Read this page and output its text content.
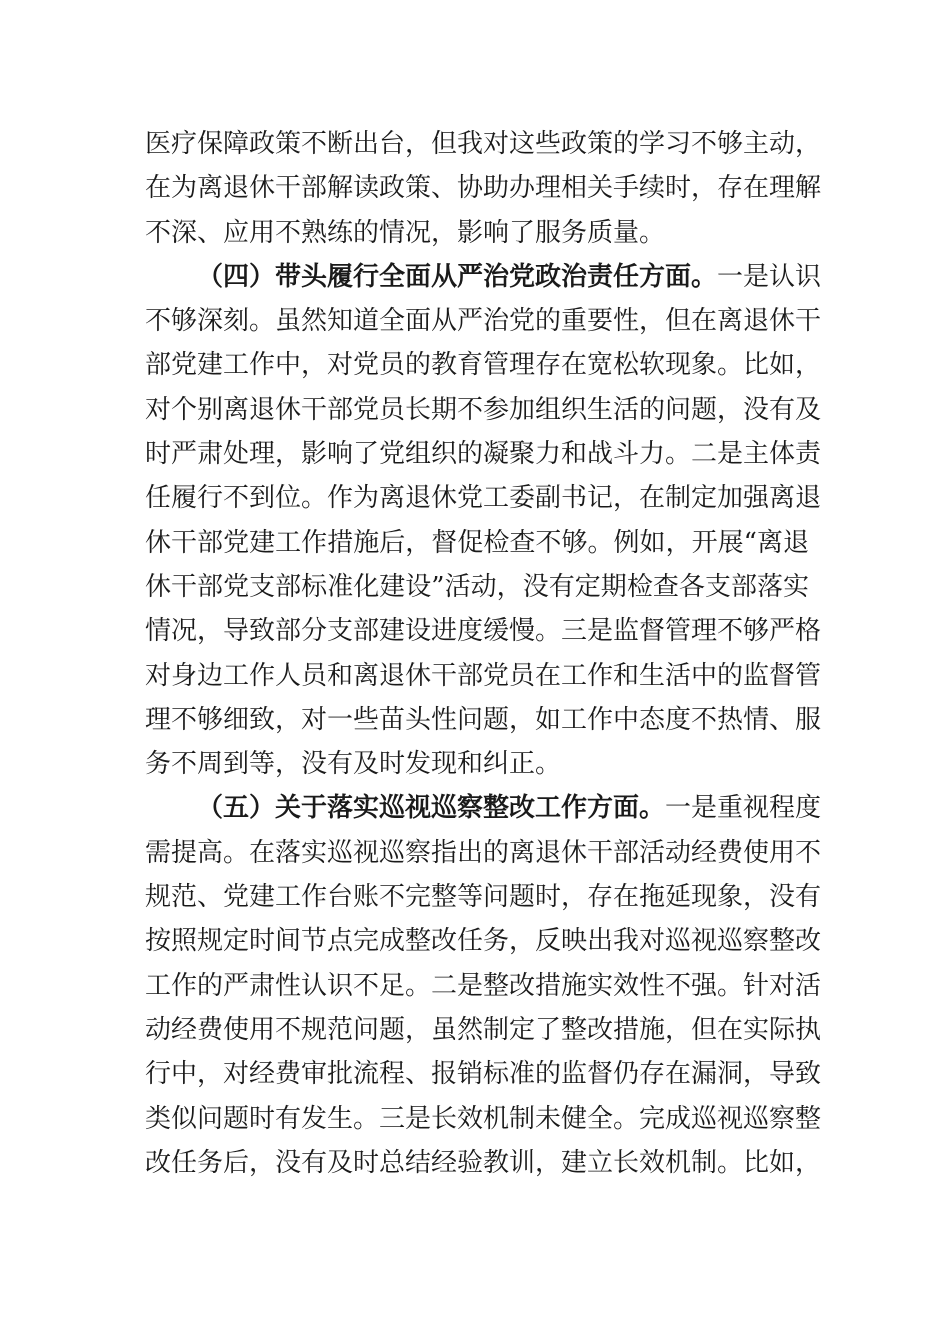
医疗保障政策不断出台，但我对这些政策的学习不够主动，
在为离退休干部解读政策、协助办理相关手续时，存在理解
不深、应用不熟练的情况，影响了服务质量。
（四）带头履行全面从严治党政治责任方面。一是认识
不够深刻。虽然知道全面从严治党的重要性，但在离退休干
部党建工作中，对党员的教育管理存在宽松软现象。比如，
对个别离退休干部党员长期不参加组织生活的问题，没有及
时严肃处理，影响了党组织的凝聚力和战斗力。二是主体责
任履行不到位。作为离退休党工委副书记，在制定加强离退
休干部党建工作措施后，督促检查不够。例如，开展“离退
休干部党支部标准化建设”活动，没有定期检查各支部落实
情况，导致部分支部建设进度缓慢。三是监督管理不够严格
对身边工作人员和离退休干部党员在工作和生活中的监督管
理不够细致，对一些苗头性问题，如工作中态度不热情、服
务不周到等，没有及时发现和纠正。
（五）关于落实巡视巡察整改工作方面。一是重视程度
需提高。在落实巡视巡察指出的离退休干部活动经费使用不
规范、党建工作台账不完整等问题时，存在拖延现象，没有
按照规定时间节点完成整改任务，反映出我对巡视巡察整改
工作的严肃性认识不足。二是整改措施实效性不强。针对活
动经费使用不规范问题，虽然制定了整改措施，但在实际执
行中，对经费审批流程、报销标准的监督仍存在漏洞，导致
类似问题时有发生。三是长效机制未健全。完成巡视巡察整
改任务后，没有及时总结经验教训，建立长效机制。比如，
